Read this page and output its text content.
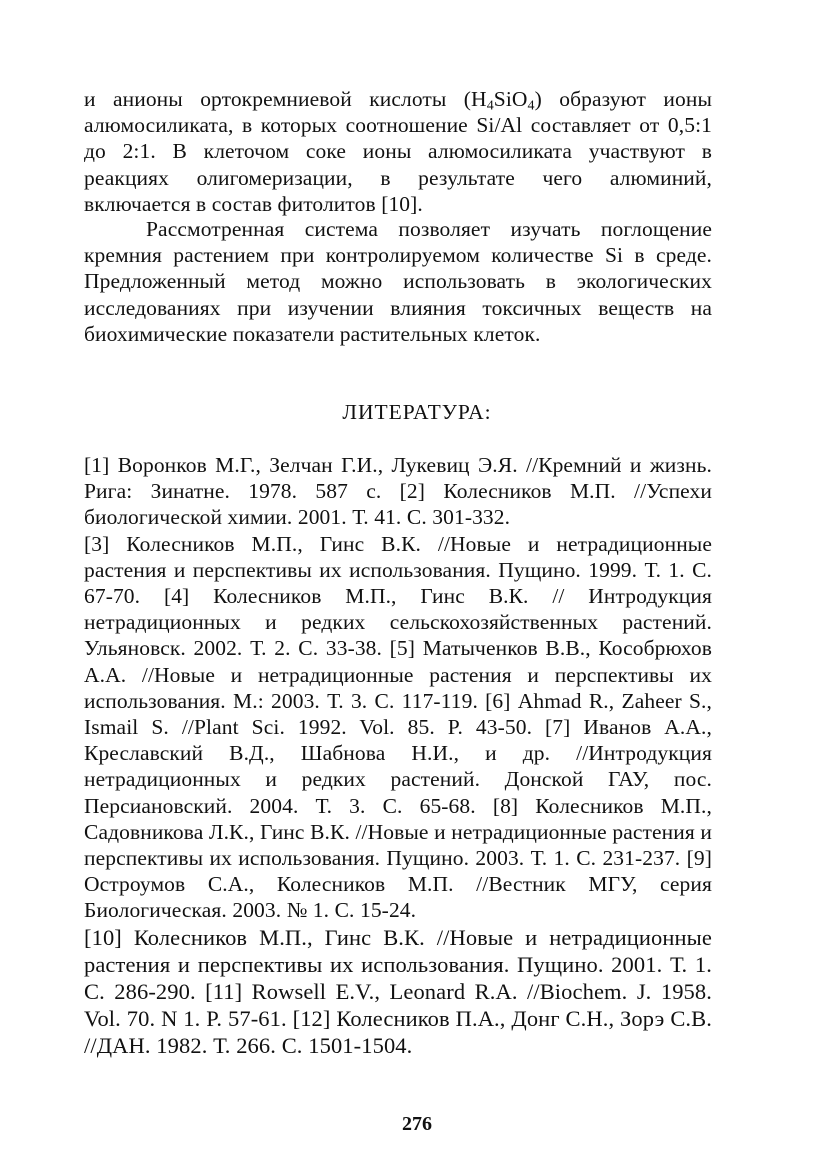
и анионы ортокремниевой кислоты $(H_4SiO_4)$ образуют ионы алюмосиликата, в которых соотношение Si/Al составляет от 0,5:1 до 2:1. В клеточом соке ионы алюмосиликата участвуют в реакциях олигомеризации, в результате чего алюминий, включается в состав фитолитов [10].
Рассмотренная система позволяет изучать поглощение кремния растением при контролируемом количестве Si в среде. Предложенный метод можно использовать в экологических исследованиях при изучении влияния токсичных веществ на биохимические показатели растительных клеток.
ЛИТЕРАТУРА:

[1] Воронков М.Г., Зелчан Г.И., Лукевиц Э.Я. //Кремний и жизнь. Рига: Зинатне. 1978. 587 с. [2] Колесников М.П. //Успехи биологической химии. 2001. Т. 41. С. 301-332.

[3] Колесников М.П., Гинс В.К. //Новые и нетрадиционные растения и перспективы их использования. Пущино. 1999. Т. 1. С. 67-70. [4] Колесников М.П., Гинс В.К. // Интродукция нетрадиционных и редких сельскохозяйственных растений. Ульяновск. 2002. Т. 2. С. 33-38. [5] Матыченков В.В., Кособрюхов А.А. //Новые и нетрадиционные растения и перспективы их использования. М.: 2003. Т. 3. С. 117-119. [6] Ahmad R., Zaheer S., Ismail S. //Plant Sci. 1992. Vol. 85. P. 43-50. [7] Иванов А.А., Креславский В.Д., Шабнова Н.И., и др. //Интродукция нетрадиционных и редких растений. Донской ГАУ, пос. Персиановский. 2004. Т. 3. С. 65-68. [8] Колесников М.П., Садовникова Л.К., Гинс В.К. //Новые и нетрадиционные растения и перспективы их использования. Пущино. 2003. Т. 1. С. 231-237. [9] Остроумов С.А., Колесников М.П. //Вестник МГУ, серия Биологическая. 2003. № 1. С. 15-24.

[10] Колесников М.П., Гинс В.К. //Новые и нетрадиционные растения и перспективы их использования. Пущино. 2001. Т. 1. С. 286-290. [11] Rowsell E.V., Leonard R.A. //Biochem. J. 1958. Vol. 70. N 1. P. 57-61. [12] Колесников П.А., Донг С.Н., Зорэ С.В. //ДАН. 1982. Т. 266. С. 1501-1504.

276
